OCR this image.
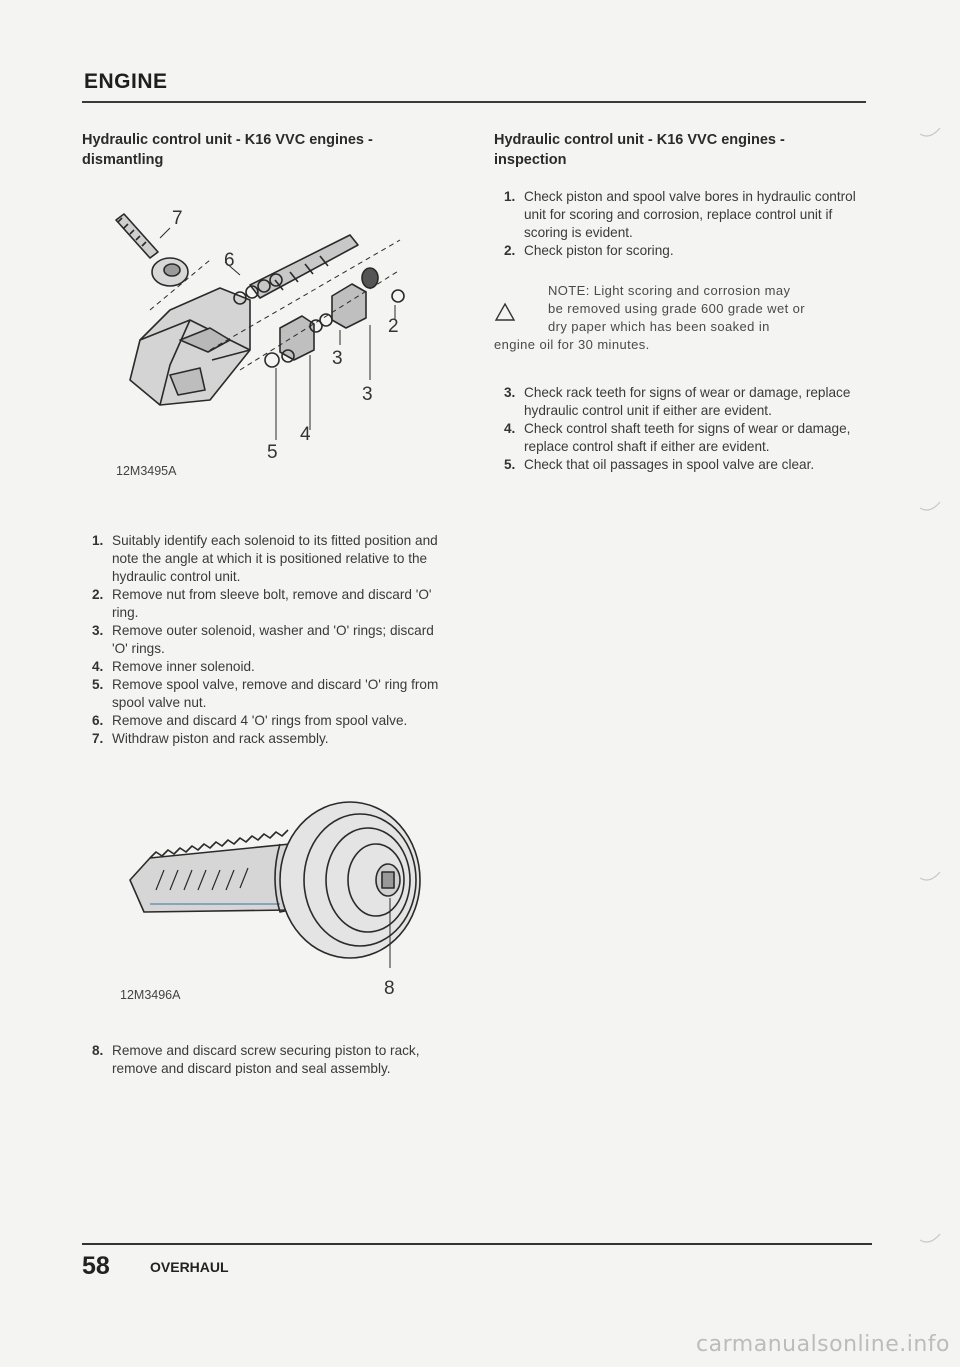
ENGINE

Hydraulic control unit - K16 VVC engines -
dismantling

7
6
2
3
3
4
5
12M3495A
1. Suitably identify each solenoid to its fitted position and note the angle at which it is positioned relative to the hydraulic control unit.
2. Remove nut from sleeve bolt, remove and discard 'O' ring.
3. Remove outer solenoid, washer and 'O' rings; discard 'O' rings.
4. Remove inner solenoid.
5. Remove spool valve, remove and discard 'O' ring from spool valve nut.
6. Remove and discard 4 'O' rings from spool valve.
7. Withdraw piston and rack assembly.
8
12M3496A
8. Remove and discard screw securing piston to rack, remove and discard piston and seal assembly.

Hydraulic control unit - K16 VVC engines -
inspection

1. Check piston and spool valve bores in hydraulic control unit for scoring and corrosion, replace control unit if scoring is evident.
2. Check piston for scoring.
NOTE: Light scoring and corrosion may
be removed using grade 600 grade wet or
dry paper which has been soaked in
engine oil for 30 minutes.
3. Check rack teeth for signs of wear or damage, replace hydraulic control unit if either are evident.
4. Check control shaft teeth for signs of wear or damage, replace control shaft if either are evident.
5. Check that oil passages in spool valve are clear.
58	OVERHAUL
carmanualsonline.info
